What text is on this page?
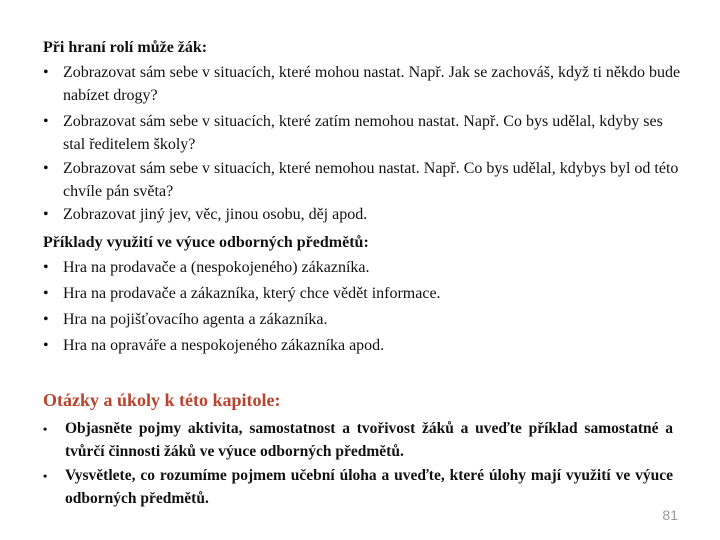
Při hraní rolí může žák:
• Zobrazovat sám sebe v situacích, které mohou nastat. Např. Jak se zachováš, když ti někdo bude nabízet drogy?
• Zobrazovat sám sebe v situacích, které zatím nemohou nastat. Např. Co bys udělal, kdyby ses stal ředitelem školy?
• Zobrazovat sám sebe v situacích, které nemohou nastat. Např. Co bys udělal, kdybys byl od této chvíle pán světa?
• Zobrazovat jiný jev, věc, jinou osobu, děj apod.
Příklady využití ve výuce odborných předmětů:
• Hra na prodavače a (nespokojeného) zákazníka.
• Hra na prodavače a zákazníka, který chce vědět informace.
• Hra na pojišťovacího agenta a zákazníka.
• Hra na opraváře a nespokojeného zákazníka apod.
Otázky a úkoly k této kapitole:
• Objasněte pojmy aktivita, samostatnost a tvořivost žáků a uveďte příklad samostatné a tvůrčí činnosti žáků ve výuce odborných předmětů.
• Vysvětlete, co rozumíme pojmem učební úloha a uveďte, které úlohy mají využití ve výuce odborných předmětů.
81
